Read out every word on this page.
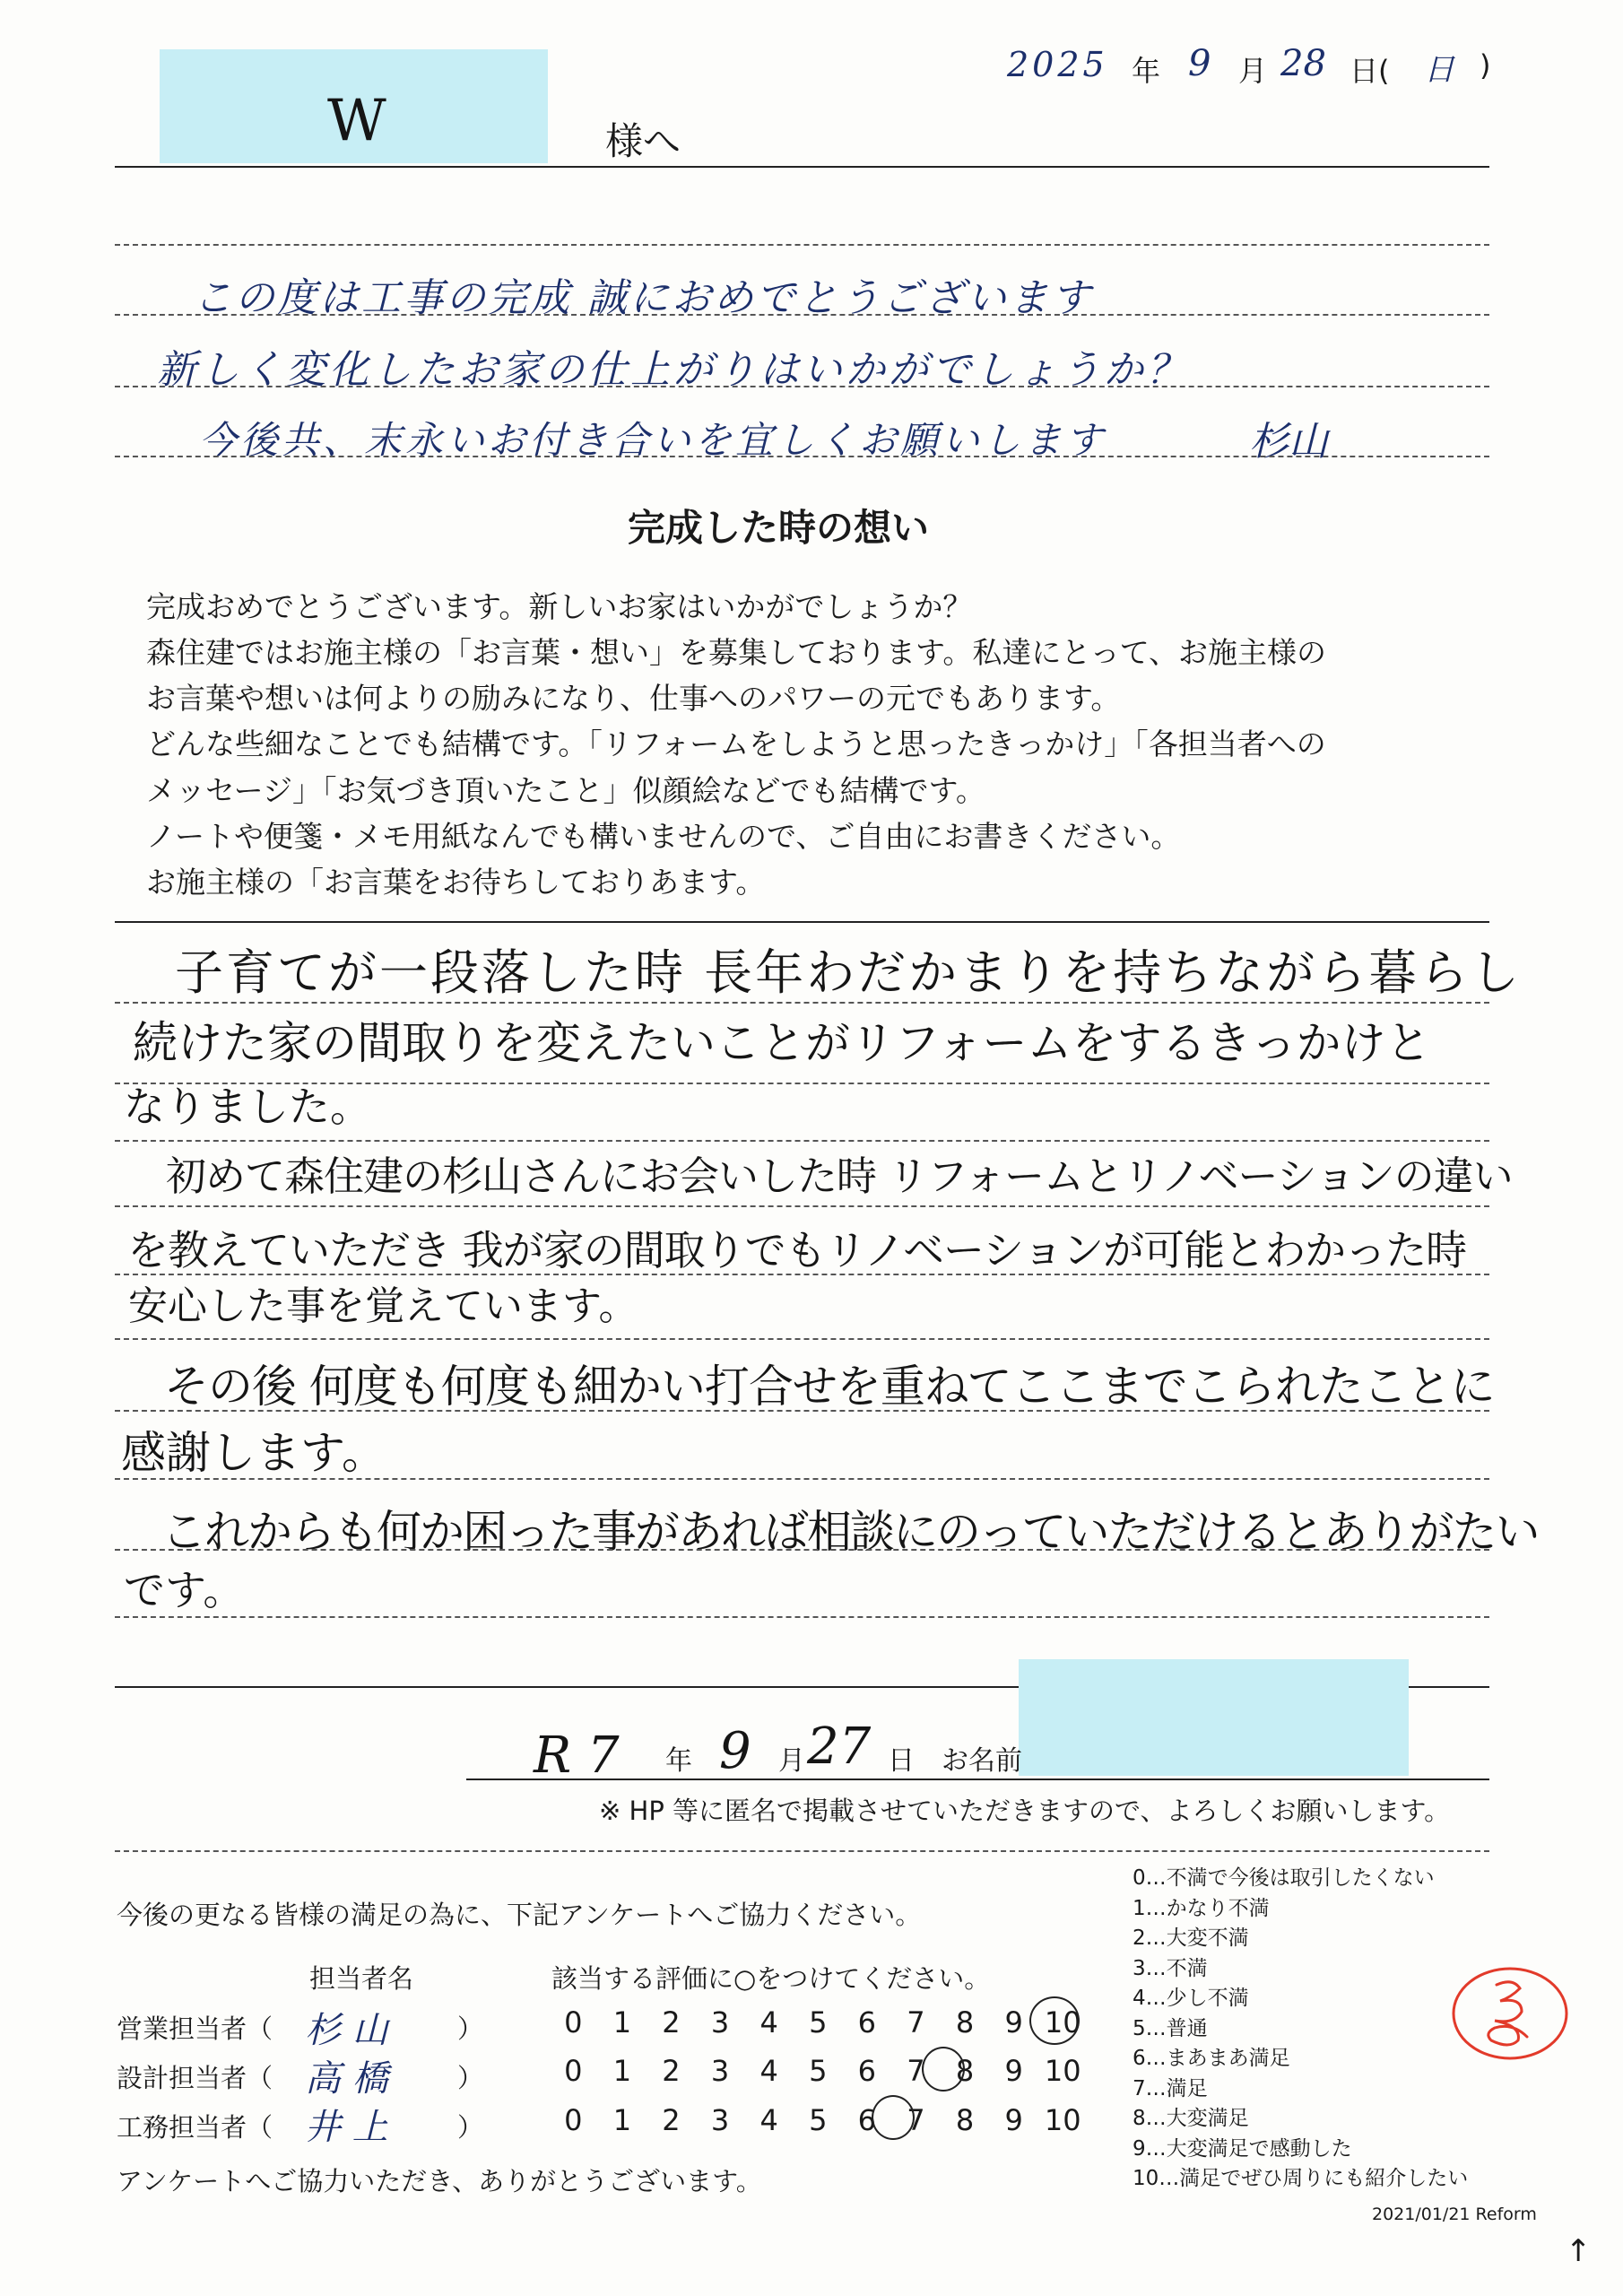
2025 年 9 月 28 日( 日 )
W	様へ
この度は工事の完成 誠におめでとうございます
新しく変化したお家の仕上がりはいかがでしょうか？
今後共、末永いお付き合いを宜しくお願いします	杉山
完成した時の想い
完成おめでとうございます。新しいお家はいかがでしょうか？
森住建ではお施主様の「お言葉・想い」を募集しております。私達にとって、お施主様の
お言葉や想いは何よりの励みになり、仕事へのパワーの元でもあります。
どんな些細なことでも結構です。「リフォームをしようと思ったきっかけ」「各担当者への
メッセージ」「お気づき頂いたこと」似顔絵などでも結構です。
ノートや便箋・メモ用紙なんでも構いませんので、ご自由にお書きください。
お施主様の「お言葉をお待ちしておりあます。
子育てが一段落した時 長年わだかまりを持ちながら暮らし
続けた家の間取りを変えたいことがリフォームをするきっかけと
なりました。
初めて森住建の杉山さんにお会いした時 リフォームとリノベーションの違い
を教えていただき 我が家の間取りでもリノベーションが可能とわかった時
安心した事を覚えています。
その後 何度も何度も細かい打合せを重ねてここまでこられたことに
感謝します。
これからも何か困った事があれば相談にのっていただけるとありがたい
です。
R 7 年 9 月 27 日 お名前
※ HP 等に匿名で掲載させていただきますので、よろしくお願いします。
今後の更なる皆様の満足の為に、下記アンケートへご協力ください。
担当者名	該当する評価に○をつけてください。
営業担当者（ 杉 山	）	0	1	2	3	4	5	6	7	8	9 10
設計担当者（ 高 橋	）	0	1	2	3	4	5	6	7	8	9 10
工務担当者（ 井 上	）	0	1	2	3	4	5	6	7	8	9 10
アンケートへご協力いただき、ありがとうございます。
0…不満で今後は取引したくない
1…かなり不満
2…大変不満
3…不満
4…少し不満
5…普通
6…まあまあ満足
7…満足
8…大変満足
9…大変満足で感動した
10…満足でぜひ周りにも紹介したい
2021/01/21 Reform
↑
